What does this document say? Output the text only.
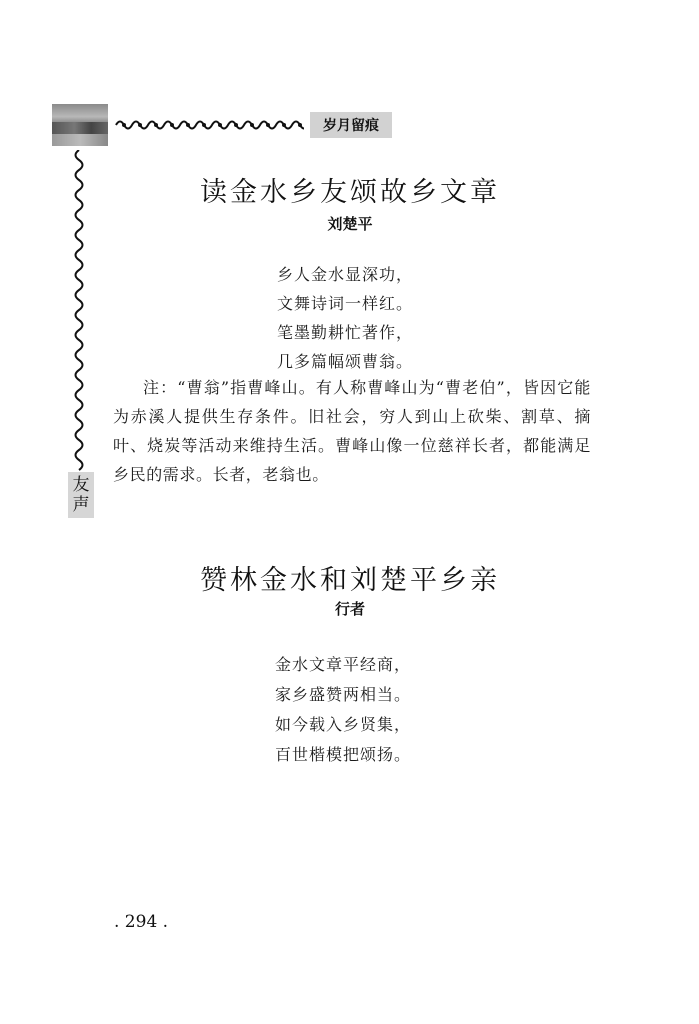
岁月留痕
友
声
读金水乡友颂故乡文章
刘楚平
乡人金水显深功，
文舞诗词一样红。
笔墨勤耕忙著作，
几多篇幅颂曹翁。

注：“曹翁”指曹峰山。有人称曹峰山为“曹老伯”，皆因它能为赤溪人提供生存条件。旧社会，穷人到山上砍柴、割草、摘叶、烧炭等活动来维持生活。曹峰山像一位慈祥长者，都能满足乡民的需求。长者，老翁也。

赞林金水和刘楚平乡亲
行者
金水文章平经商，
家乡盛赞两相当。
如今载入乡贤集，
百世楷模把颂扬。
. 294 .
